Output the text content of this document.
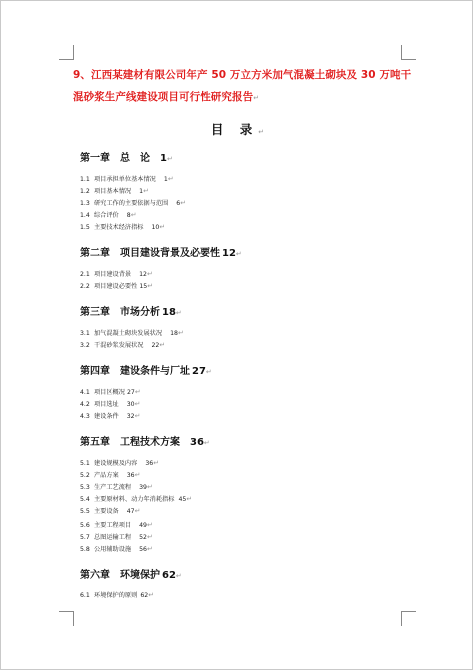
9、江西某建材有限公司年产 50 万立方米加气混凝土砌块及 30 万吨干混砂浆生产线建设项目可行性研究报告↵
目 录↵
第一章　总　论 1↵
1.1 项目承担单位基本情况 1↵
1.2 项目基本情况 1↵
1.3 研究工作的主要依据与范围 6↵
1.4 综合评价 8↵
1.5 主要技术经济指标 10↵
第二章　项目建设背景及必要性 12↵
2.1 项目建设背景 12↵
2.2 项目建设必要性 15↵
第三章　市场分析 18↵
3.1 加气混凝土砌块发展状况 18↵
3.2 干混砂浆发展状况 22↵
第四章　建设条件与厂址 27↵
4.1 项目区概况 27↵
4.2 项目选址 30↵
4.3 建设条件 32↵
第五章　工程技术方案 36↵
5.1 建设规模及内容 36↵
5.2 产品方案 36↵
5.3 生产工艺流程 39↵
5.4 主要原材料、动力年消耗指标 45↵
5.5 主要设备 47↵
5.6 主要工程项目 49↵
5.7 总图运输工程 52↵
5.8 公用辅助设施 56↵
第六章　环境保护 62↵
6.1 环境保护的原则 62↵
